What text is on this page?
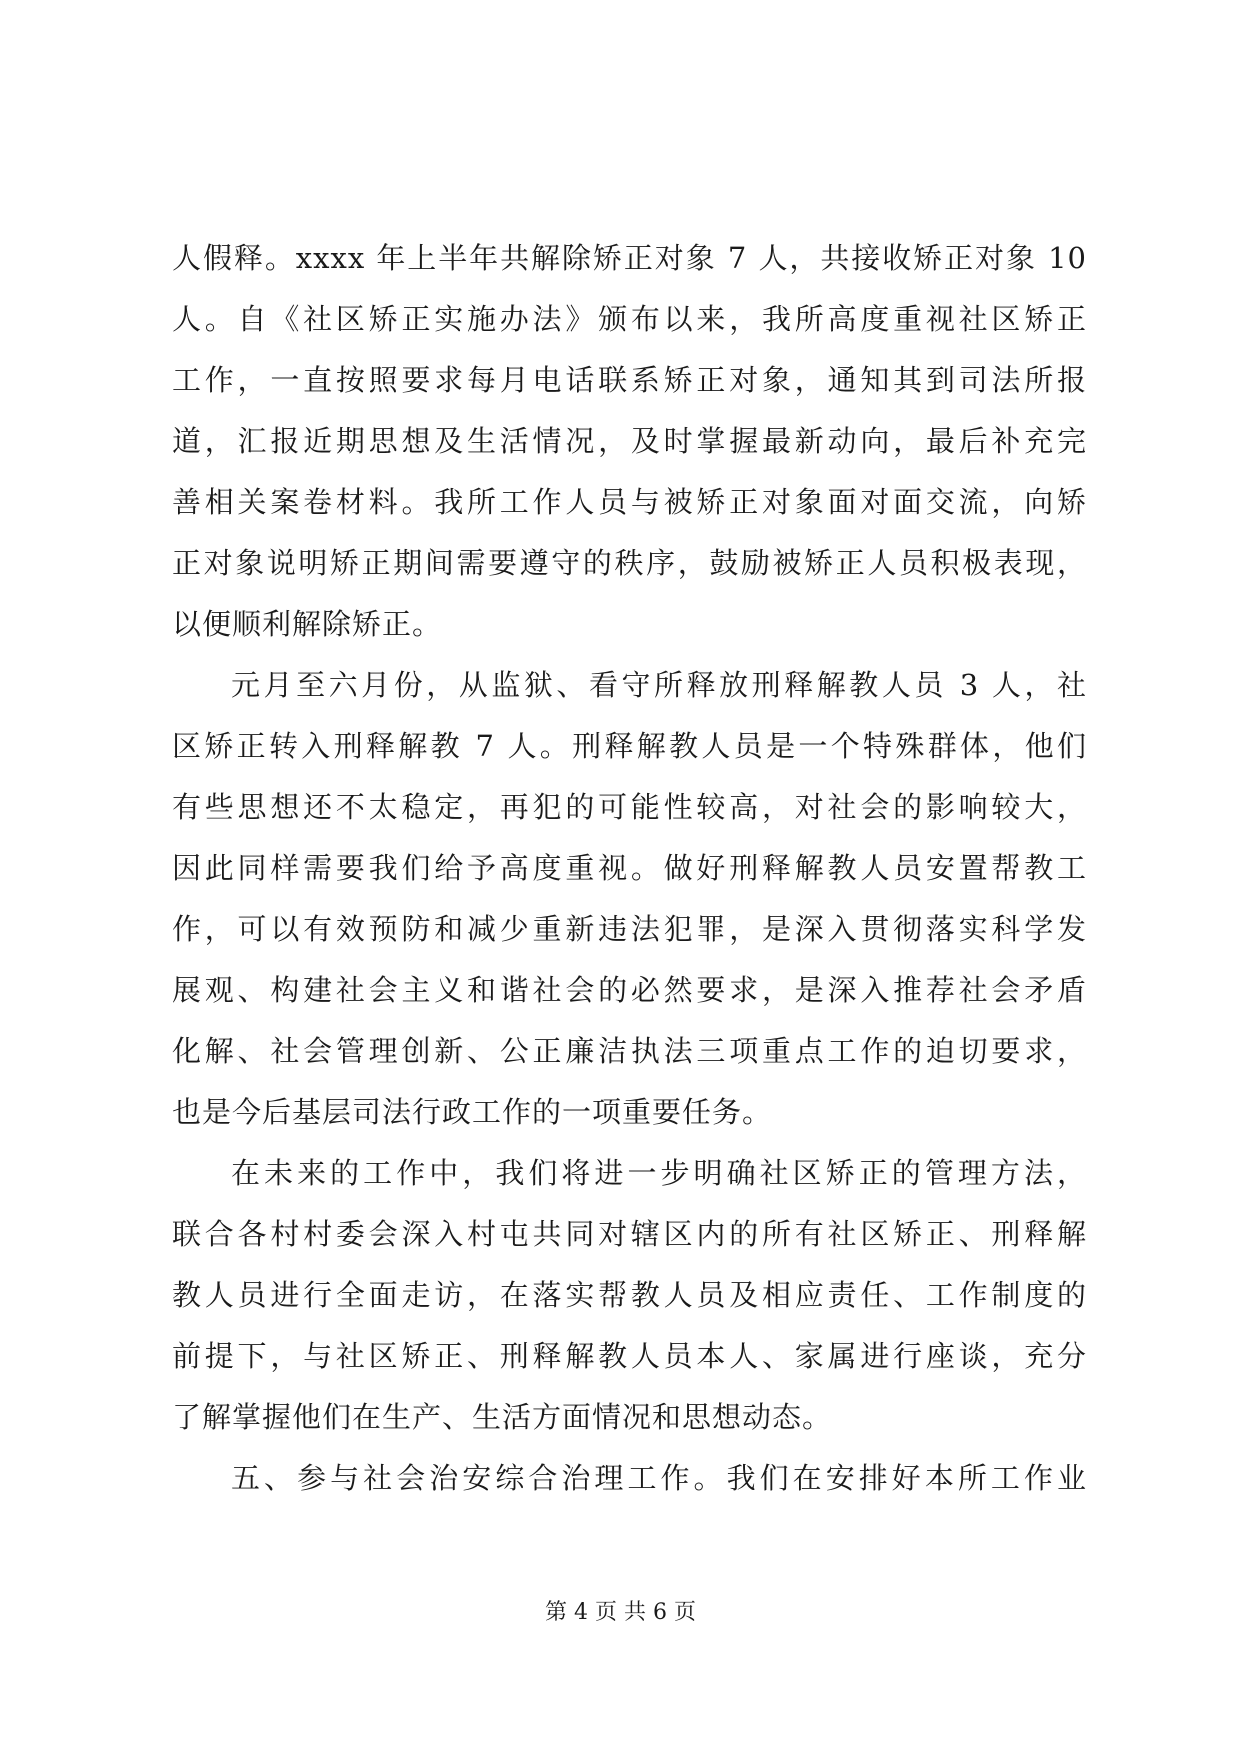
人假释。xxxx 年上半年共解除矫正对象 7 人，共接收矫正对象 10
人。自《社区矫正实施办法》颁布以来，我所高度重视社区矫正
工作，一直按照要求每月电话联系矫正对象，通知其到司法所报
道，汇报近期思想及生活情况，及时掌握最新动向，最后补充完
善相关案卷材料。我所工作人员与被矫正对象面对面交流，向矫
正对象说明矫正期间需要遵守的秩序，鼓励被矫正人员积极表现，
以便顺利解除矫正。
元月至六月份，从监狱、看守所释放刑释解教人员 3 人，社
区矫正转入刑释解教 7 人。刑释解教人员是一个特殊群体，他们
有些思想还不太稳定，再犯的可能性较高，对社会的影响较大，
因此同样需要我们给予高度重视。做好刑释解教人员安置帮教工
作，可以有效预防和减少重新违法犯罪，是深入贯彻落实科学发
展观、构建社会主义和谐社会的必然要求，是深入推荐社会矛盾
化解、社会管理创新、公正廉洁执法三项重点工作的迫切要求，
也是今后基层司法行政工作的一项重要任务。
在未来的工作中，我们将进一步明确社区矫正的管理方法，
联合各村村委会深入村屯共同对辖区内的所有社区矫正、刑释解
教人员进行全面走访，在落实帮教人员及相应责任、工作制度的
前提下，与社区矫正、刑释解教人员本人、家属进行座谈，充分
了解掌握他们在生产、生活方面情况和思想动态。
五、参与社会治安综合治理工作。我们在安排好本所工作业
第 4 页 共 6 页
